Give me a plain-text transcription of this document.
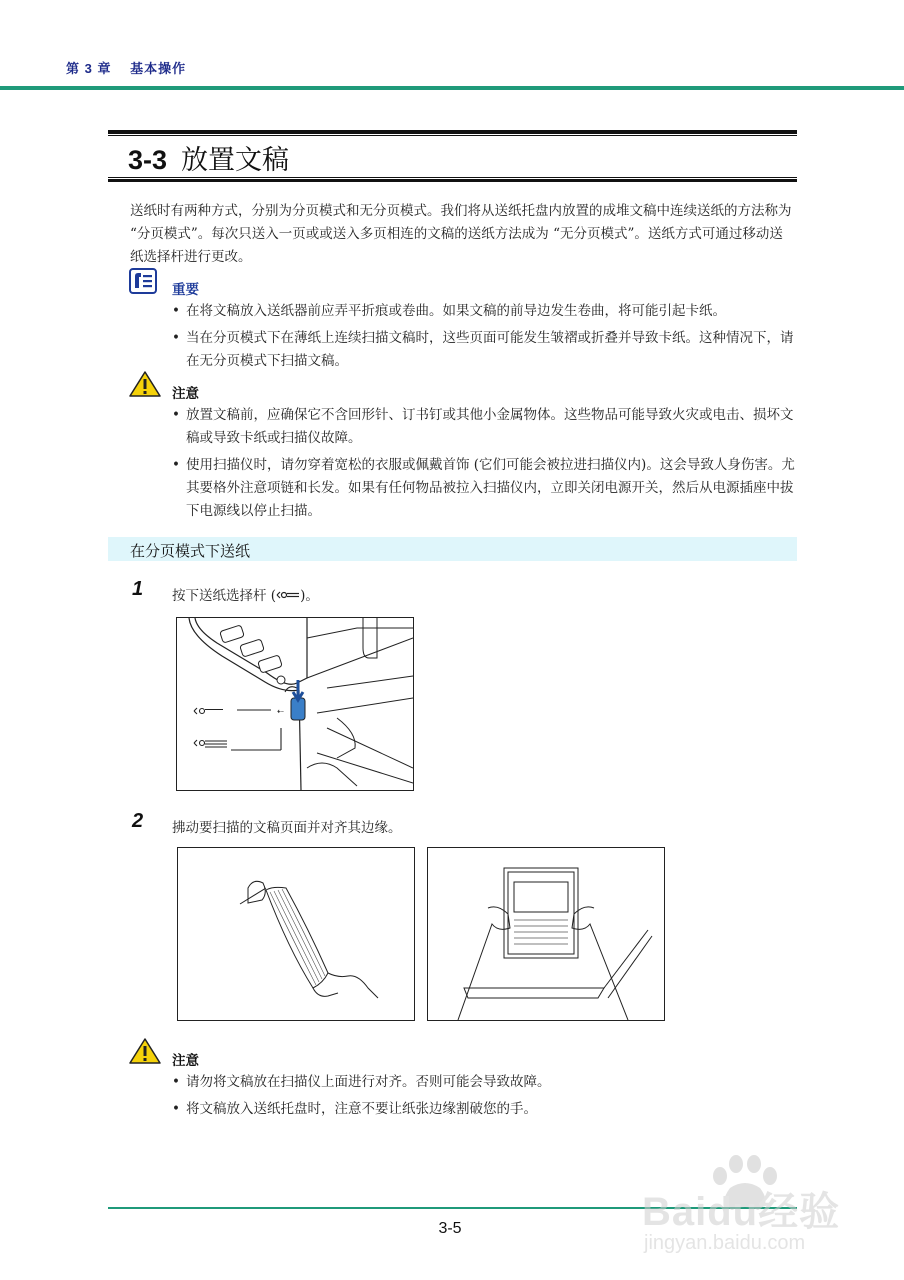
第 3 章 基本操作
3-3 放置文稿
送纸时有两种方式，分别为分页模式和无分页模式。我们将从送纸托盘内放置的成堆文稿中连续送纸的方法称为 “分页模式”。每次只送入一页或或送入多页相连的文稿的送纸方法成为 “无分页模式”。送纸方式可通过移动送纸选择杆进行更改。
重要
• 在将文稿放入送纸器前应弄平折痕或卷曲。如果文稿的前导边发生卷曲，将可能引起卡纸。
• 当在分页模式下在薄纸上连续扫描文稿时，这些页面可能发生皱褶或折叠并导致卡纸。这种情况下，请在无分页模式下扫描文稿。
注意
• 放置文稿前，应确保它不含回形针、订书钉或其他小金属物体。这些物品可能导致火灾或电击、损坏文稿或导致卡纸或扫描仪故障。
• 使用扫描仪时，请勿穿着宽松的衣服或佩戴首饰 (它们可能会被拉进扫描仪内)。这会导致人身伤害。尤其要格外注意项链和长发。如果有任何物品被拉入扫描仪内，立即关闭电源开关，然后从电源插座中拔下电源线以停止扫描。
在分页模式下送纸
1 按下送纸选择杆 ( )。
⇠
2 拂动要扫描的文稿页面并对齐其边缘。
注意
• 请勿将文稿放在扫描仪上面进行对齐。否则可能会导致故障。
• 将文稿放入送纸托盘时，注意不要让纸张边缘割破您的手。
3-5	Baidu经验
jingyan.baidu.com
